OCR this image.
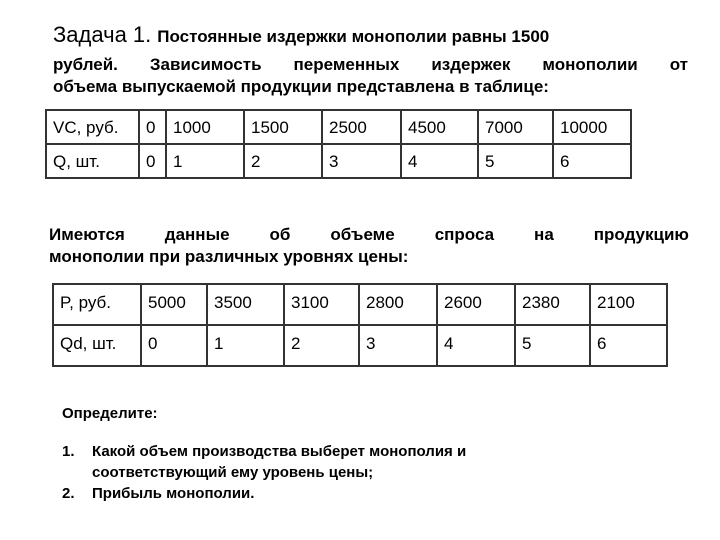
Задача 1. Постоянные издержки монополии равны 1500
рублей. Зависимость переменных издержек монополии от
объема выпускаемой продукции представлена в таблице:
VC, руб.	0	1000	1500	2500	4500	7000	10000
Q, шт.	0	1	2	3	4	5	6
Имеются данные об объеме спроса на продукцию
монополии при различных уровнях цены:
P, руб.	5000	3500	3100	2800	2600	2380	2100
Qd, шт.	0	1	2	3	4	5	6
Определите:
1.	Какой объем производства выберет монополия и соответствующий ему уровень цены;
2.	Прибыль монополии.
